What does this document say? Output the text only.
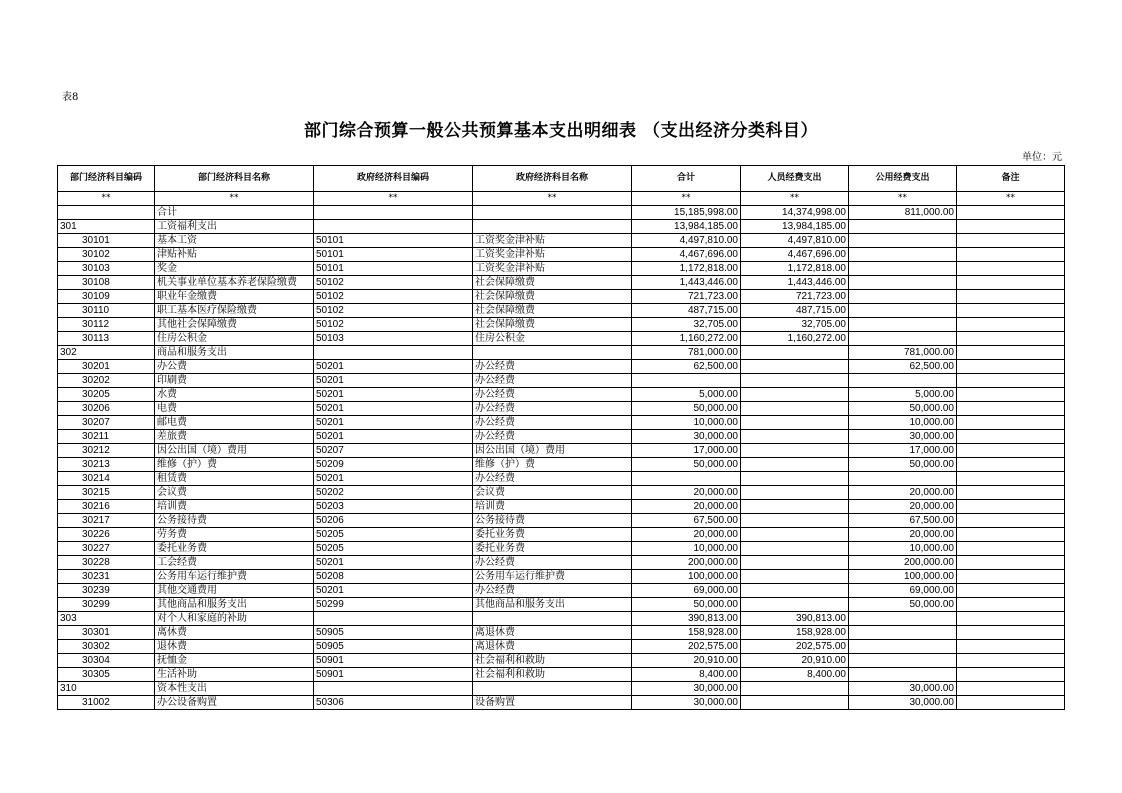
表8
部门综合预算一般公共预算基本支出明细表 （支出经济分类科目）
单位：元
部门经济科目编码	部门经济科目名称	政府经济科目编码	政府经济科目名称	合计	人员经费支出	公用经费支出	备注
**	**	**	**	**	**	**	**
	合计			15,185,998.00	14,374,998.00	811,000.00	
301	工资福利支出			13,984,185.00	13,984,185.00		
30101	基本工资	50101	工资奖金津补贴	4,497,810.00	4,497,810.00		
30102	津贴补贴	50101	工资奖金津补贴	4,467,696.00	4,467,696.00		
30103	奖金	50101	工资奖金津补贴	1,172,818.00	1,172,818.00		
30108	机关事业单位基本养老保险缴费	50102	社会保障缴费	1,443,446.00	1,443,446.00		
30109	职业年金缴费	50102	社会保障缴费	721,723.00	721,723.00		
30110	职工基本医疗保险缴费	50102	社会保障缴费	487,715.00	487,715.00		
30112	其他社会保障缴费	50102	社会保障缴费	32,705.00	32,705.00		
30113	住房公积金	50103	住房公积金	1,160,272.00	1,160,272.00		
302	商品和服务支出			781,000.00		781,000.00	
30201	办公费	50201	办公经费	62,500.00		62,500.00	
30202	印刷费	50201	办公经费				
30205	水费	50201	办公经费	5,000.00		5,000.00	
30206	电费	50201	办公经费	50,000.00		50,000.00	
30207	邮电费	50201	办公经费	10,000.00		10,000.00	
30211	差旅费	50201	办公经费	30,000.00		30,000.00	
30212	因公出国（境）费用	50207	因公出国（境）费用	17,000.00		17,000.00	
30213	维修（护）费	50209	维修（护）费	50,000.00		50,000.00	
30214	租赁费	50201	办公经费				
30215	会议费	50202	会议费	20,000.00		20,000.00	
30216	培训费	50203	培训费	20,000.00		20,000.00	
30217	公务接待费	50206	公务接待费	67,500.00		67,500.00	
30226	劳务费	50205	委托业务费	20,000.00		20,000.00	
30227	委托业务费	50205	委托业务费	10,000.00		10,000.00	
30228	工会经费	50201	办公经费	200,000.00		200,000.00	
30231	公务用车运行维护费	50208	公务用车运行维护费	100,000.00		100,000.00	
30239	其他交通费用	50201	办公经费	69,000.00		69,000.00	
30299	其他商品和服务支出	50299	其他商品和服务支出	50,000.00		50,000.00	
303	对个人和家庭的补助			390,813.00	390,813.00		
30301	离休费	50905	离退休费	158,928.00	158,928.00		
30302	退休费	50905	离退休费	202,575.00	202,575.00		
30304	抚恤金	50901	社会福利和救助	20,910.00	20,910.00		
30305	生活补助	50901	社会福利和救助	8,400.00	8,400.00		
310	资本性支出			30,000.00		30,000.00	
31002	办公设备购置	50306	设备购置	30,000.00		30,000.00	
